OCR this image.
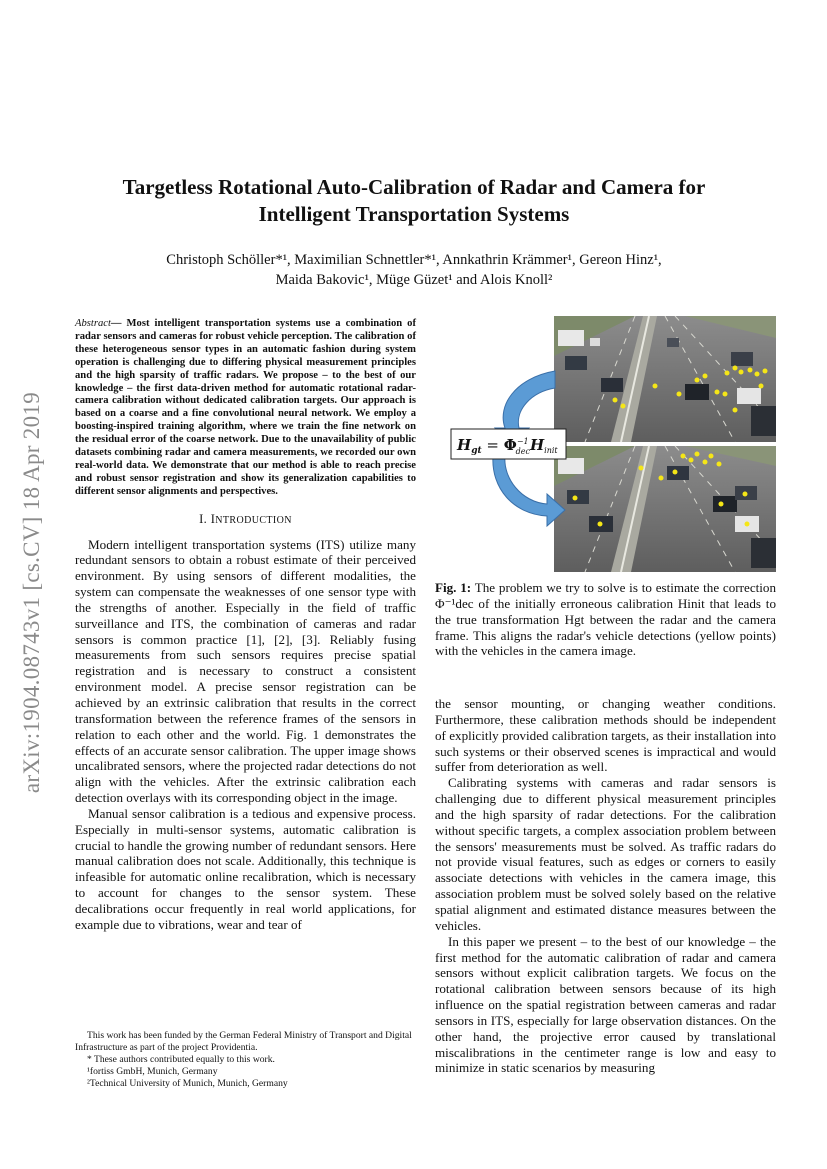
arXiv:1904.08743v1 [cs.CV] 18 Apr 2019
Targetless Rotational Auto-Calibration of Radar and Camera for
Intelligent Transportation Systems
Christoph Schöller*¹, Maximilian Schnettler*¹, Annkathrin Krämmer¹, Gereon Hinz¹,
Maida Bakovic¹, Müge Güzet¹ and Alois Knoll²
Abstract— Most intelligent transportation systems use a combination of radar sensors and cameras for robust vehicle perception. The calibration of these heterogeneous sensor types in an automatic fashion during system operation is challenging due to differing physical measurement principles and the high sparsity of traffic radars. We propose – to the best of our knowledge – the first data-driven method for automatic rotational radar-camera calibration without dedicated calibration targets. Our approach is based on a coarse and a fine convolutional neural network. We employ a boosting-inspired training algorithm, where we train the fine network on the residual error of the coarse network. Due to the unavailability of public datasets combining radar and camera measurements, we recorded our own real-world data. We demonstrate that our method is able to reach precise and robust sensor registration and show its generalization capabilities to different sensor alignments and perspectives.
I. INTRODUCTION

Modern intelligent transportation systems (ITS) utilize many redundant sensors to obtain a robust estimate of their perceived environment. By using sensors of different modalities, the system can compensate the weaknesses of one sensor type with the strengths of another. Especially in the field of traffic surveillance and ITS, the combination of cameras and radar sensors is common practice [1], [2], [3]. Reliably fusing measurements from such sensors requires precise spatial registration and is necessary to construct a consistent environment model. A precise sensor registration can be achieved by an extrinsic calibration that results in the correct transformation between the reference frames of the sensors in relation to each other and the world. Fig. 1 demonstrates the effects of an accurate sensor calibration. The upper image shows uncalibrated sensors, where the projected radar detections do not align with the vehicles. After the extrinsic calibration each detection overlays with its corresponding object in the image.

Manual sensor calibration is a tedious and expensive process. Especially in multi-sensor systems, automatic calibration is crucial to handle the growing number of redundant sensors. Here manual calibration does not scale. Additionally, this technique is infeasible for automatic online recalibration, which is necessary to account for changes to the sensor system. These decalibrations occur frequently in real world applications, for example due to vibrations, wear and tear of

This work has been funded by the German Federal Ministry of Transport and Digital Infrastructure as part of the project Providentia.
* These authors contributed equally to this work.
¹fortiss GmbH, Munich, Germany
²Technical University of Munich, Munich, Germany
$H_{gt} = \Phi^{-1}$ decH$_{init}$
Fig. 1: The problem we try to solve is to estimate the correction Φ⁻¹dec of the initially erroneous calibration Hinit that leads to the true transformation Hgt between the radar and the camera frame. This aligns the radar's vehicle detections (yellow points) with the vehicles in the camera image.

the sensor mounting, or changing weather conditions. Furthermore, these calibration methods should be independent of explicitly provided calibration targets, as their installation into such systems or their observed scenes is impractical and would suffer from deterioration as well.

Calibrating systems with cameras and radar sensors is challenging due to different physical measurement principles and the high sparsity of radar detections. For the calibration without specific targets, a complex association problem between the sensors' measurements must be solved. As traffic radars do not provide visual features, such as edges or corners to easily associate detections with vehicles in the camera image, this association problem must be solved solely based on the relative spatial alignment and estimated distance measures between the vehicles.

In this paper we present – to the best of our knowledge – the first method for the automatic calibration of radar and camera sensors without explicit calibration targets. We focus on the rotational calibration between sensors because of its high influence on the spatial registration between cameras and radar sensors in ITS, especially for large observation distances. On the other hand, the projective error caused by translational miscalibrations in the centimeter range is low and easy to minimize in static scenarios by measuring
